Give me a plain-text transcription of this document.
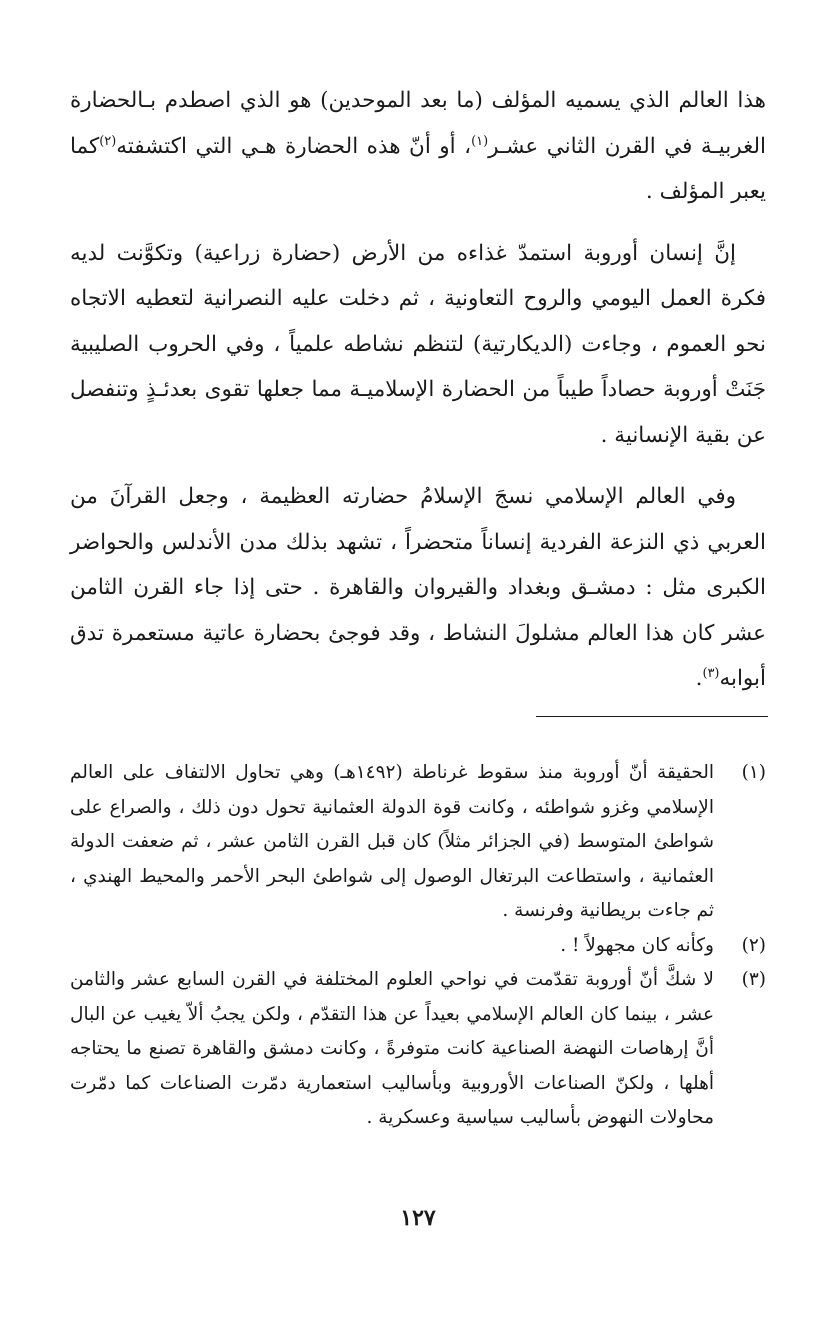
هذا العالم الذي يسميه المؤلف (ما بعد الموحدين) هو الذي اصطدم بـالحضارة الغربيـة في القرن الثاني عشـر$^{(١)}$، أو أنّ هذه الحضارة هـي التي اكتشفته$^{(٢)}$كما يعبر المؤلف .

إنَّ إنسان أوروبة استمدّ غذاءه من الأرض (حضارة زراعية) وتكوَّنت لديه فكرة العمل اليومي والروح التعاونية ، ثم دخلت عليه النصرانية لتعطيه الاتجاه نحو العموم ، وجاءت (الديكارتية) لتنظم نشاطه علمياً ، وفي الحروب الصليبية جَنَتْ أوروبة حصاداً طيباً من الحضارة الإسلاميـة مما جعلها تقوى بعدئـذٍ وتنفصل عن بقية الإنسانية .

وفي العالم الإسلامي نسجَ الإسلامُ حضارته العظيمة ، وجعل القرآنَ من العربي ذي النزعة الفردية إنساناً متحضراً ، تشهد بذلك مدن الأندلس والحواضر الكبرى مثل : دمشـق وبغداد والقيروان والقاهرة . حتى إذا جاء القرن الثامن عشر كان هذا العالم مشلولَ النشاط ، وقد فوجئ بحضارة عاتية مستعمرة تدق أبوابه$^{(٣)}$.

(١)
الحقيقة أنّ أوروبة منذ سقوط غرناطة (١٤٩٢هـ) وهي تحاول الالتفاف على العالم الإسلامي وغزو شواطئه ، وكانت قوة الدولة العثمانية تحول دون ذلك ، والصراع على شواطئ المتوسط (في الجزائر مثلاً) كان قبل القرن الثامن عشر ، ثم ضعفت الدولة العثمانية ، واستطاعت البرتغال الوصول إلى شواطئ البحر الأحمر والمحيط الهندي ، ثم جاءت بريطانية وفرنسة .
(٢)
وكأنه كان مجهولاً ! .
(٣)
لا شكَّ أنّ أوروبة تقدّمت في نواحي العلوم المختلفة في القرن السابع عشر والثامن عشر ، بينما كان العالم الإسلامي بعيداً عن هذا التقدّم ، ولكن يجبُ ألاّ يغيب عن البال أنَّ إرهاصات النهضة الصناعية كانت متوفرةً ، وكانت دمشق والقاهرة تصنع ما يحتاجه أهلها ، ولكنّ الصناعات الأوروبية وبأساليب استعمارية دمّرت الصناعات كما دمّرت محاولات النهوض بأساليب سياسية وعسكرية .
١٢٧
